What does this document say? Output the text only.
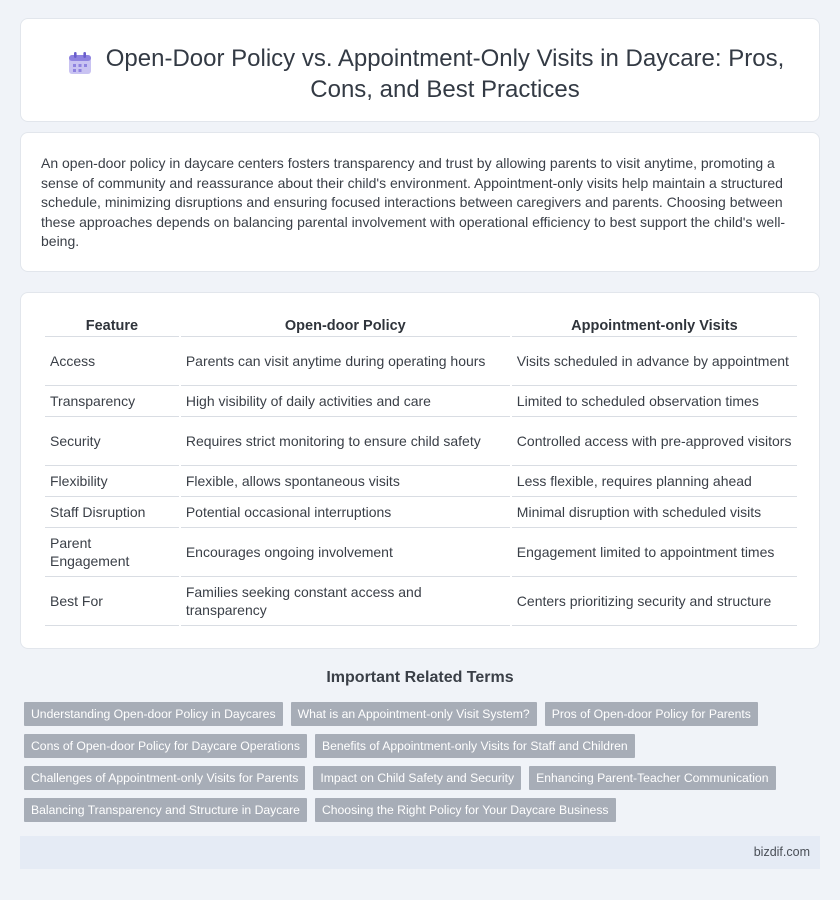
Open-Door Policy vs. Appointment-Only Visits in Daycare: Pros, Cons, and Best Practices

An open-door policy in daycare centers fosters transparency and trust by allowing parents to visit anytime, promoting a sense of community and reassurance about their child's environment. Appointment-only visits help maintain a structured schedule, minimizing disruptions and ensuring focused interactions between caregivers and parents. Choosing between these approaches depends on balancing parental involvement with operational efficiency to best support the child's well-being.

Feature	Open-door Policy	Appointment-only Visits
Access	Parents can visit anytime during operating hours	Visits scheduled in advance by appointment
Transparency	High visibility of daily activities and care	Limited to scheduled observation times
Security	Requires strict monitoring to ensure child safety	Controlled access with pre-approved visitors
Flexibility	Flexible, allows spontaneous visits	Less flexible, requires planning ahead
Staff Disruption	Potential occasional interruptions	Minimal disruption with scheduled visits
Parent Engagement	Encourages ongoing involvement	Engagement limited to appointment times
Best For	Families seeking constant access and transparency	Centers prioritizing security and structure
Important Related Terms
Understanding Open-door Policy in Daycares	What is an Appointment-only Visit System?	Pros of Open-door Policy for Parents
Cons of Open-door Policy for Daycare Operations	Benefits of Appointment-only Visits for Staff and Children
Challenges of Appointment-only Visits for Parents	Impact on Child Safety and Security	Enhancing Parent-Teacher Communication
Balancing Transparency and Structure in Daycare	Choosing the Right Policy for Your Daycare Business
bizdif.com
